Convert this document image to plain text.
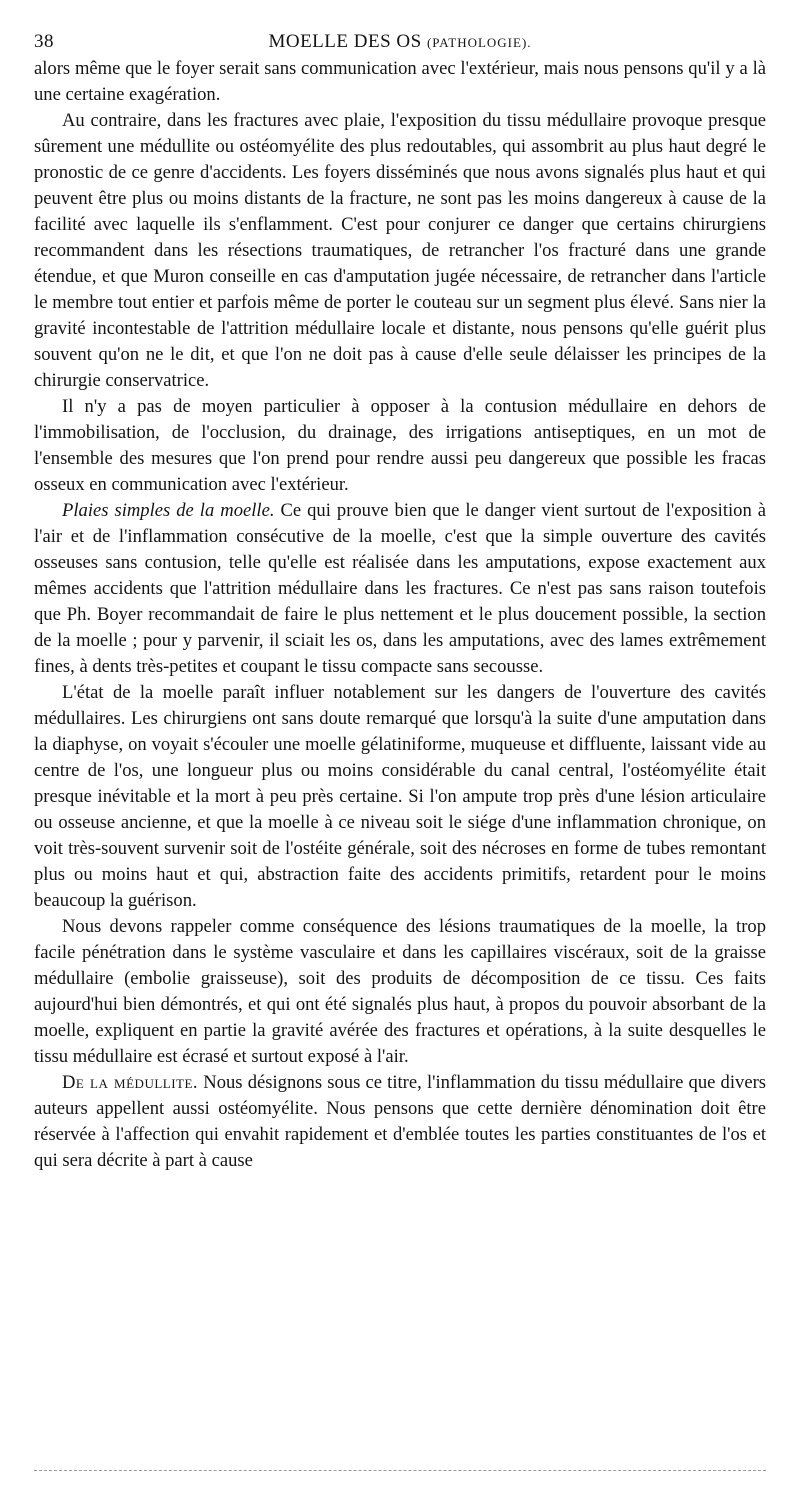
38	MOELLE DES OS (PATHOLOGIE).

alors même que le foyer serait sans communication avec l'extérieur, mais nous pensons qu'il y a là une certaine exagération.

Au contraire, dans les fractures avec plaie, l'exposition du tissu médullaire provoque presque sûrement une médullite ou ostéomyélite des plus redoutables, qui assombrit au plus haut degré le pronostic de ce genre d'accidents. Les foyers disséminés que nous avons signalés plus haut et qui peuvent être plus ou moins distants de la fracture, ne sont pas les moins dangereux à cause de la facilité avec laquelle ils s'enflamment. C'est pour conjurer ce danger que certains chirurgiens recommandent dans les résections traumatiques, de retrancher l'os fracturé dans une grande étendue, et que Muron conseille en cas d'amputation jugée nécessaire, de retrancher dans l'article le membre tout entier et parfois même de porter le couteau sur un segment plus élevé. Sans nier la gravité incontestable de l'attrition médullaire locale et distante, nous pensons qu'elle guérit plus souvent qu'on ne le dit, et que l'on ne doit pas à cause d'elle seule délaisser les principes de la chirurgie conservatrice.

Il n'y a pas de moyen particulier à opposer à la contusion médullaire en dehors de l'immobilisation, de l'occlusion, du drainage, des irrigations antiseptiques, en un mot de l'ensemble des mesures que l'on prend pour rendre aussi peu dangereux que possible les fracas osseux en communication avec l'extérieur.

Plaies simples de la moelle. Ce qui prouve bien que le danger vient surtout de l'exposition à l'air et de l'inflammation consécutive de la moelle, c'est que la simple ouverture des cavités osseuses sans contusion, telle qu'elle est réalisée dans les amputations, expose exactement aux mêmes accidents que l'attrition médullaire dans les fractures. Ce n'est pas sans raison toutefois que Ph. Boyer recommandait de faire le plus nettement et le plus doucement possible, la section de la moelle ; pour y parvenir, il sciait les os, dans les amputations, avec des lames extrêmement fines, à dents très-petites et coupant le tissu compacte sans secousse.

L'état de la moelle paraît influer notablement sur les dangers de l'ouverture des cavités médullaires. Les chirurgiens ont sans doute remarqué que lorsqu'à la suite d'une amputation dans la diaphyse, on voyait s'écouler une moelle gélatiniforme, muqueuse et diffluente, laissant vide au centre de l'os, une longueur plus ou moins considérable du canal central, l'ostéomyélite était presque inévitable et la mort à peu près certaine. Si l'on ampute trop près d'une lésion articulaire ou osseuse ancienne, et que la moelle à ce niveau soit le siége d'une inflammation chronique, on voit très-souvent survenir soit de l'ostéite générale, soit des nécroses en forme de tubes remontant plus ou moins haut et qui, abstraction faite des accidents primitifs, retardent pour le moins beaucoup la guérison.

Nous devons rappeler comme conséquence des lésions traumatiques de la moelle, la trop facile pénétration dans le système vasculaire et dans les capillaires viscéraux, soit de la graisse médullaire (embolie graisseuse), soit des produits de décomposition de ce tissu. Ces faits aujourd'hui bien démontrés, et qui ont été signalés plus haut, à propos du pouvoir absorbant de la moelle, expliquent en partie la gravité avérée des fractures et opérations, à la suite desquelles le tissu médullaire est écrasé et surtout exposé à l'air.

De la médullite. Nous désignons sous ce titre, l'inflammation du tissu médullaire que divers auteurs appellent aussi ostéomyélite. Nous pensons que cette dernière dénomination doit être réservée à l'affection qui envahit rapidement et d'emblée toutes les parties constituantes de l'os et qui sera décrite à part à cause
